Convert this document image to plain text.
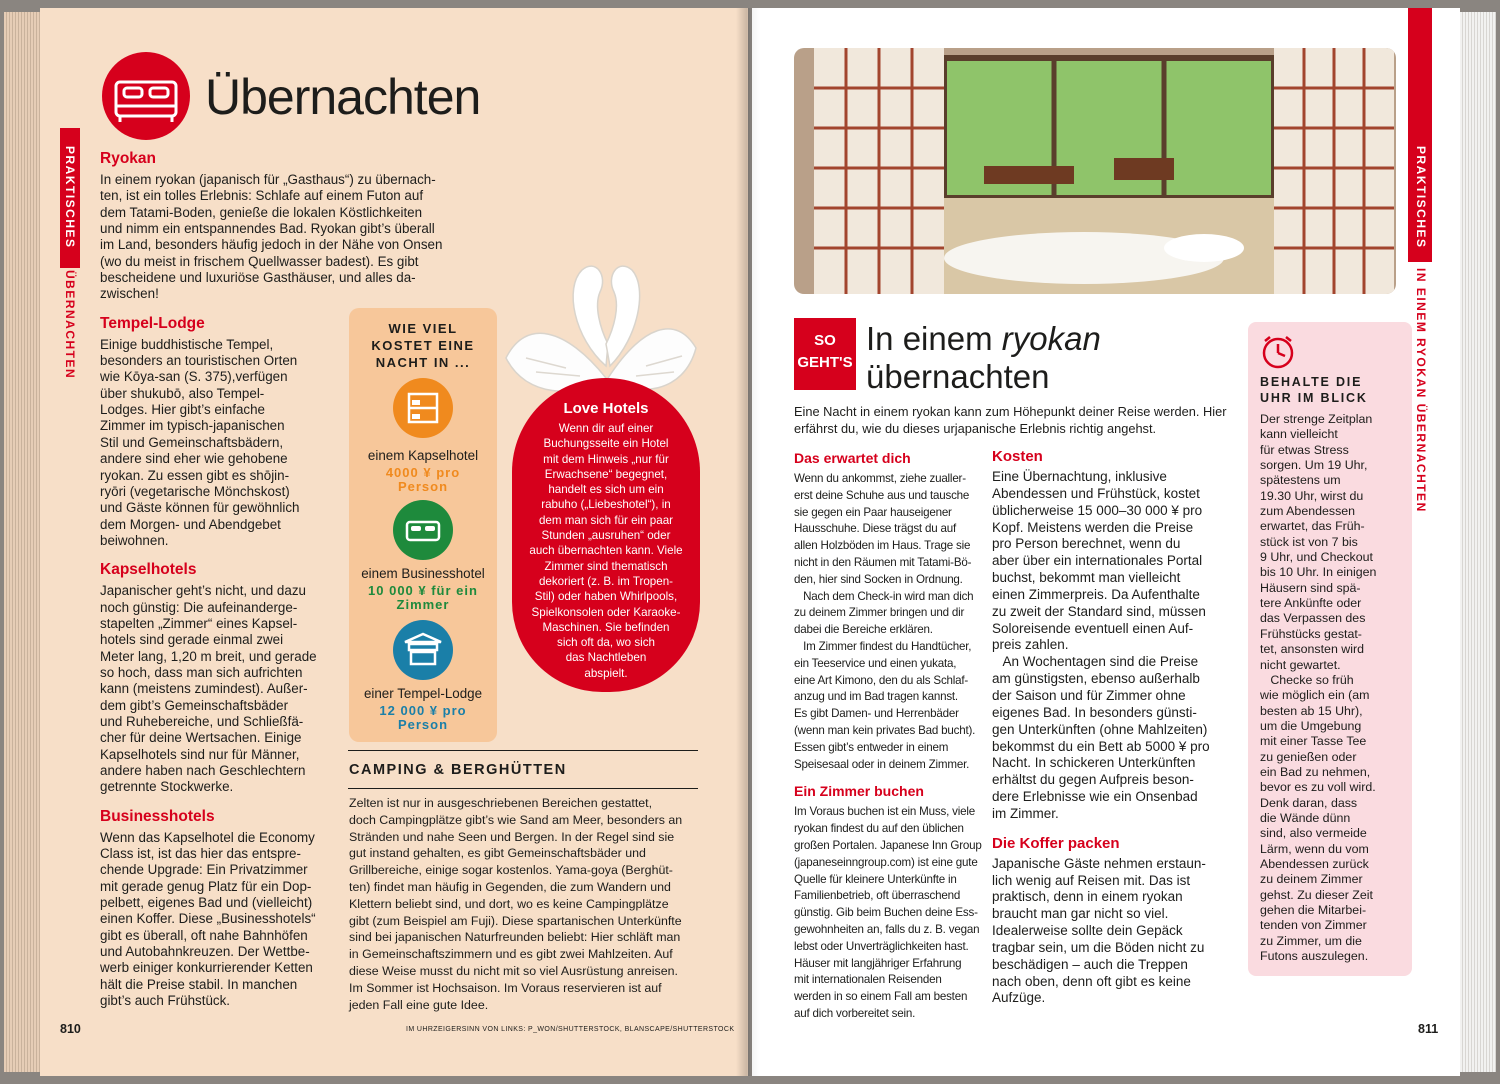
PRAKTISCHES
ÜBERNACHTEN
Übernachten
Ryokan
In einem ryokan (japanisch für „Gasthaus“) zu übernach-
ten, ist ein tolles Erlebnis: Schlafe auf einem Futon auf
dem Tatami-Boden, genieße die lokalen Köstlichkeiten
und nimm ein entspannendes Bad. Ryokan gibt’s überall
im Land, besonders häufig jedoch in der Nähe von Onsen
(wo du meist in frischem Quellwasser badest). Es gibt
bescheidene und luxuriöse Gasthäuser, und alles da-
zwischen!
Tempel-Lodge
Einige buddhistische Tempel,
besonders an touristischen Orten
wie Kōya-san (S. 375),verfügen
über shukubō, also Tempel-
Lodges. Hier gibt’s einfache
Zimmer im typisch-japanischen
Stil und Gemeinschaftsbädern,
andere sind eher wie gehobene
ryokan. Zu essen gibt es shōjin-
ryōri (vegetarische Mönchskost)
und Gäste können für gewöhnlich
dem Morgen- und Abendgebet
beiwohnen.
Kapselhotels
Japanischer geht’s nicht, und dazu
noch günstig: Die aufeinanderge-
stapelten „Zimmer“ eines Kapsel-
hotels sind gerade einmal zwei
Meter lang, 1,20 m breit, und gerade
so hoch, dass man sich aufrichten
kann (meistens zumindest). Außer-
dem gibt’s Gemeinschaftsbäder
und Ruhebereiche, und Schließfä-
cher für deine Wertsachen. Einige
Kapselhotels sind nur für Männer,
andere haben nach Geschlechtern
getrennte Stockwerke.
Businesshotels
Wenn das Kapselhotel die Economy
Class ist, ist das hier das entspre-
chende Upgrade: Ein Privatzimmer
mit gerade genug Platz für ein Dop-
pelbett, eigenes Bad und (vielleicht)
einen Koffer. Diese „Businesshotels“
gibt es überall, oft nahe Bahnhöfen
und Autobahnkreuzen. Der Wettbe-
werb einiger konkurrierender Ketten
hält die Preise stabil. In manchen
gibt’s auch Frühstück.
WIE VIEL
KOSTET EINE
NACHT IN ...
einem Kapselhotel
4000 ¥ pro
Person
einem Businesshotel
10 000 ¥ für ein
Zimmer
einer Tempel-Lodge
12 000 ¥ pro
Person
Love Hotels
Wenn dir auf einer
Buchungsseite ein Hotel
mit dem Hinweis „nur für
Erwachsene“ begegnet,
handelt es sich um ein
rabuho („Liebeshotel“), in
dem man sich für ein paar
Stunden „ausruhen“ oder
auch übernachten kann. Viele
Zimmer sind thematisch
dekoriert (z. B. im Tropen-
Stil) oder haben Whirlpools,
Spielkonsolen oder Karaoke-
Maschinen. Sie befinden
sich oft da, wo sich
das Nachtleben
abspielt.
CAMPING & BERGHÜTTEN
Zelten ist nur in ausgeschriebenen Bereichen gestattet,
doch Campingplätze gibt’s wie Sand am Meer, besonders an
Stränden und nahe Seen und Bergen. In der Regel sind sie
gut instand gehalten, es gibt Gemeinschaftsbäder und
Grillbereiche, einige sogar kostenlos. Yama-goya (Berghüt-
ten) findet man häufig in Gegenden, die zum Wandern und
Klettern beliebt sind, und dort, wo es keine Campingplätze
gibt (zum Beispiel am Fuji). Diese spartanischen Unterkünfte
sind bei japanischen Naturfreunden beliebt: Hier schläft man
in Gemeinschaftszimmern und es gibt zwei Mahlzeiten. Auf
diese Weise musst du nicht mit so viel Ausrüstung anreisen.
Im Sommer ist Hochsaison. Im Voraus reservieren ist auf
jeden Fall eine gute Idee.
810	IM UHRZEIGERSINN VON LINKS: P_WON/SHUTTERSTOCK, BLANSCAPE/SHUTTERSTOCK
PRAKTISCHES
IN EINEM RYOKAN ÜBERNACHTEN
SO
GEHT'S
In einem ryokan
übernachten
Eine Nacht in einem ryokan kann zum Höhepunkt deiner Reise werden. Hier
erfährst du, wie du dieses urjapanische Erlebnis richtig angehst.
Das erwartet dich
Wenn du ankommst, ziehe zualler-
erst deine Schuhe aus und tausche
sie gegen ein Paar hauseigener
Hausschuhe. Diese trägst du auf
allen Holzböden im Haus. Trage sie
nicht in den Räumen mit Tatami-Bö-
den, hier sind Socken in Ordnung.
Nach dem Check-in wird man dich
zu deinem Zimmer bringen und dir
dabei die Bereiche erklären.
Im Zimmer findest du Handtücher,
ein Teeservice und einen yukata,
eine Art Kimono, den du als Schlaf-
anzug und im Bad tragen kannst.
Es gibt Damen- und Herrenbäder
(wenn man kein privates Bad bucht).
Essen gibt’s entweder in einem
Speisesaal oder in deinem Zimmer.
Ein Zimmer buchen
Im Voraus buchen ist ein Muss, viele
ryokan findest du auf den üblichen
großen Portalen. Japanese Inn Group
(japaneseinngroup.com) ist eine gute
Quelle für kleinere Unterkünfte in
Familienbetrieb, oft überraschend
günstig. Gib beim Buchen deine Ess-
gewohnheiten an, falls du z. B. vegan
lebst oder Unverträglichkeiten hast.
Häuser mit langjähriger Erfahrung
mit internationalen Reisenden
werden in so einem Fall am besten
auf dich vorbereitet sein.
Kosten
Eine Übernachtung, inklusive
Abendessen und Frühstück, kostet
üblicherweise 15 000–30 000 ¥ pro
Kopf. Meistens werden die Preise
pro Person berechnet, wenn du
aber über ein internationales Portal
buchst, bekommt man vielleicht
einen Zimmerpreis. Da Aufenthalte
zu zweit der Standard sind, müssen
Soloreisende eventuell einen Auf-
preis zahlen.
An Wochentagen sind die Preise
am günstigsten, ebenso außerhalb
der Saison und für Zimmer ohne
eigenes Bad. In besonders günsti-
gen Unterkünften (ohne Mahlzeiten)
bekommst du ein Bett ab 5000 ¥ pro
Nacht. In schickeren Unterkünften
erhältst du gegen Aufpreis beson-
dere Erlebnisse wie ein Onsenbad
im Zimmer.
Die Koffer packen
Japanische Gäste nehmen erstaun-
lich wenig auf Reisen mit. Das ist
praktisch, denn in einem ryokan
braucht man gar nicht so viel.
Idealerweise sollte dein Gepäck
tragbar sein, um die Böden nicht zu
beschädigen – auch die Treppen
nach oben, denn oft gibt es keine
Aufzüge.
BEHALTE DIE
UHR IM BLICK
Der strenge Zeitplan
kann vielleicht
für etwas Stress
sorgen. Um 19 Uhr,
spätestens um
19.30 Uhr, wirst du
zum Abendessen
erwartet, das Früh-
stück ist von 7 bis
9 Uhr, und Checkout
bis 10 Uhr. In einigen
Häusern sind spä-
tere Ankünfte oder
das Verpassen des
Frühstücks gestat-
tet, ansonsten wird
nicht gewartet.
Checke so früh
wie möglich ein (am
besten ab 15 Uhr),
um die Umgebung
mit einer Tasse Tee
zu genießen oder
ein Bad zu nehmen,
bevor es zu voll wird.
Denk daran, dass
die Wände dünn
sind, also vermeide
Lärm, wenn du vom
Abendessen zurück
zu deinem Zimmer
gehst. Zu dieser Zeit
gehen die Mitarbei-
tenden von Zimmer
zu Zimmer, um die
Futons auszulegen.
811
